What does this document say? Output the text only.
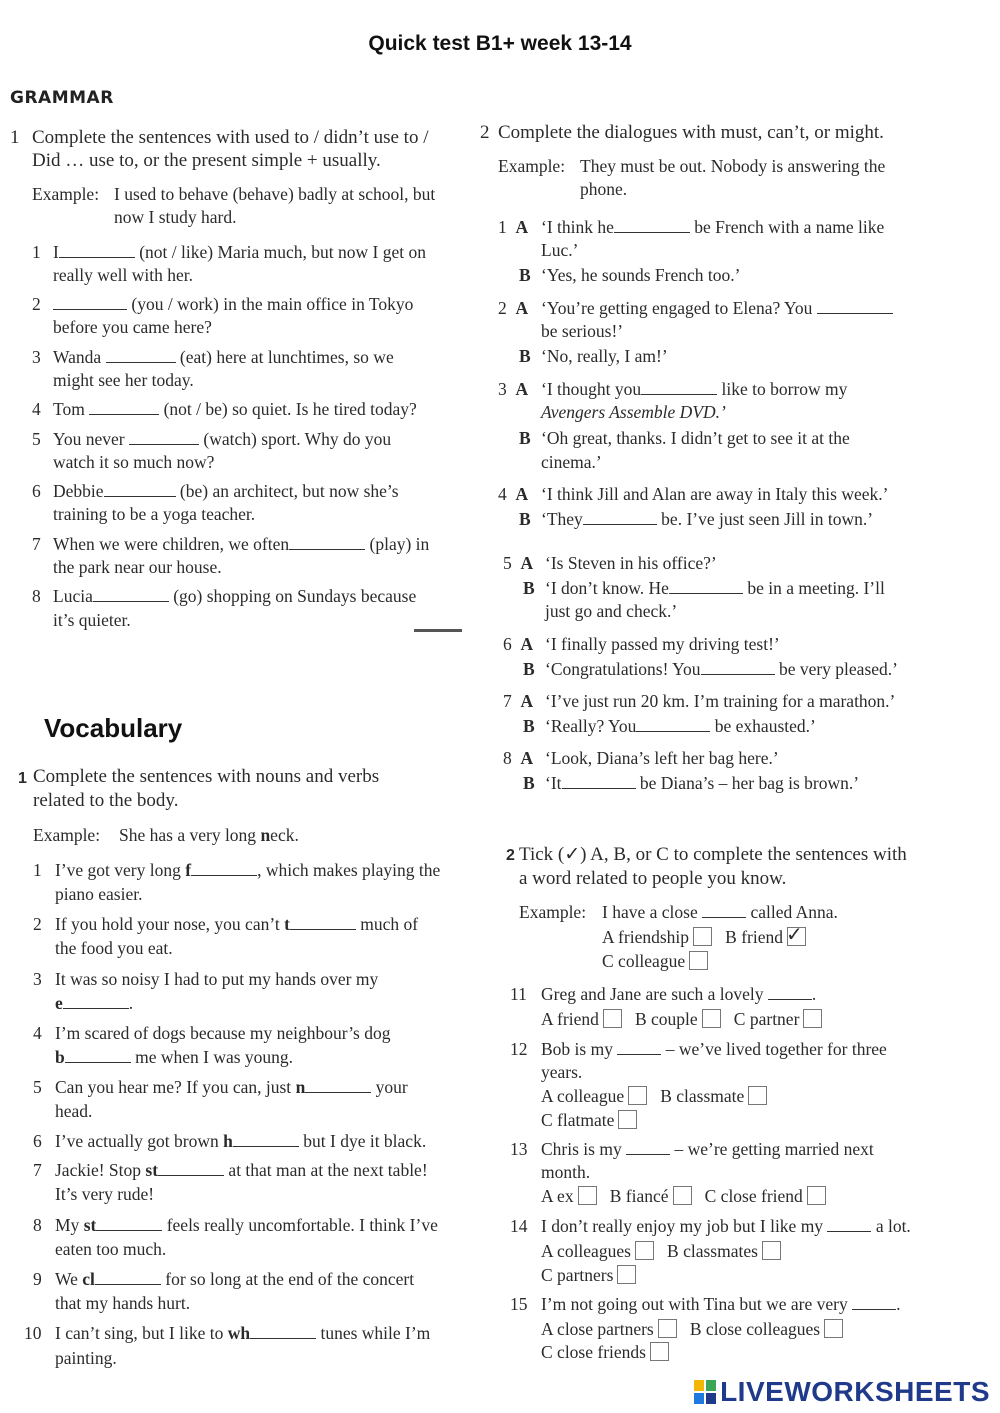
Quick test B1+ week 13-14
GRAMMAR
1 Complete the sentences with used to / didn’t use to /
Did … use to, or the present simple + usually.
Example: I used to behave (behave) badly at school, but
now I study hard.
1 I	(not / like) Maria much, but now I get on
really well with her.
2	(you / work) in the main office in Tokyo
before you came here?
3 Wanda	(eat) here at lunchtimes, so we
might see her today.
4 Tom	(not / be) so quiet. Is he tired today?
5 You never	(watch) sport. Why do you
watch it so much now?
6 Debbie	(be) an architect, but now she’s
training to be a yoga teacher.
7 When we were children, we often	(play) in
the park near our house.
8 Lucia	(go) shopping on Sundays because
it’s quieter.
2 Complete the dialogues with must, can’t, or might.
Example: They must be out. Nobody is answering the
phone.
1 A ‘I think he	be French with a name like
Luc.’
B ‘Yes, he sounds French too.’
2 A ‘You’re getting engaged to Elena? You
be serious!’
B ‘No, really, I am!’
3 A ‘I thought you	like to borrow my
Avengers Assemble DVD.’
B ‘Oh great, thanks. I didn’t get to see it at the
cinema.’
4 A ‘I think Jill and Alan are away in Italy this week.’
B ‘They	be. I’ve just seen Jill in town.’
5 A ‘Is Steven in his office?’
B ‘I don’t know. He	be in a meeting. I’ll
just go and check.’
6 A ‘I finally passed my driving test!’
B ‘Congratulations! You	be very pleased.’
7 A ‘I’ve just run 20 km. I’m training for a marathon.’
B ‘Really? You	be exhausted.’
8 A ‘Look, Diana’s left her bag here.’
B ‘It	be Diana’s – her bag is brown.’
Vocabulary
1 Complete the sentences with nouns and verbs
related to the body.
Example: She has a very long neck.
1 I’ve got very long f	, which makes playing the
piano easier.
2 If you hold your nose, you can’t t	much of
the food you eat.
3 It was so noisy I had to put my hands over my
e	.
4 I’m scared of dogs because my neighbour’s dog
b	me when I was young.
5 Can you hear me? If you can, just n	your
head.
6 I’ve actually got brown h	but I dye it black.
7 Jackie! Stop st	at that man at the next table!
It’s very rude!
8 My st	feels really uncomfortable. I think I’ve
eaten too much.
9 We cl	for so long at the end of the concert
that my hands hurt.
10 I can’t sing, but I like to wh	tunes while I’m
painting.
2 Tick (✓) A, B, or C to complete the sentences with
a word related to people you know.
Example: I have a close	called Anna.
A friendship B friend ✓
C colleague
11 Greg and Jane are such a lovely	.
A friend B couple C partner
12 Bob is my	– we’ve lived together for three
years.
A colleague B classmate
C flatmate
13 Chris is my	– we’re getting married next
month.
A ex B fiancé C close friend
14 I don’t really enjoy my job but I like my	a lot.
A colleagues B classmates
C partners
15 I’m not going out with Tina but we are very	.
A close partners B close colleagues
C close friends
LIVEWORKSHEETS
